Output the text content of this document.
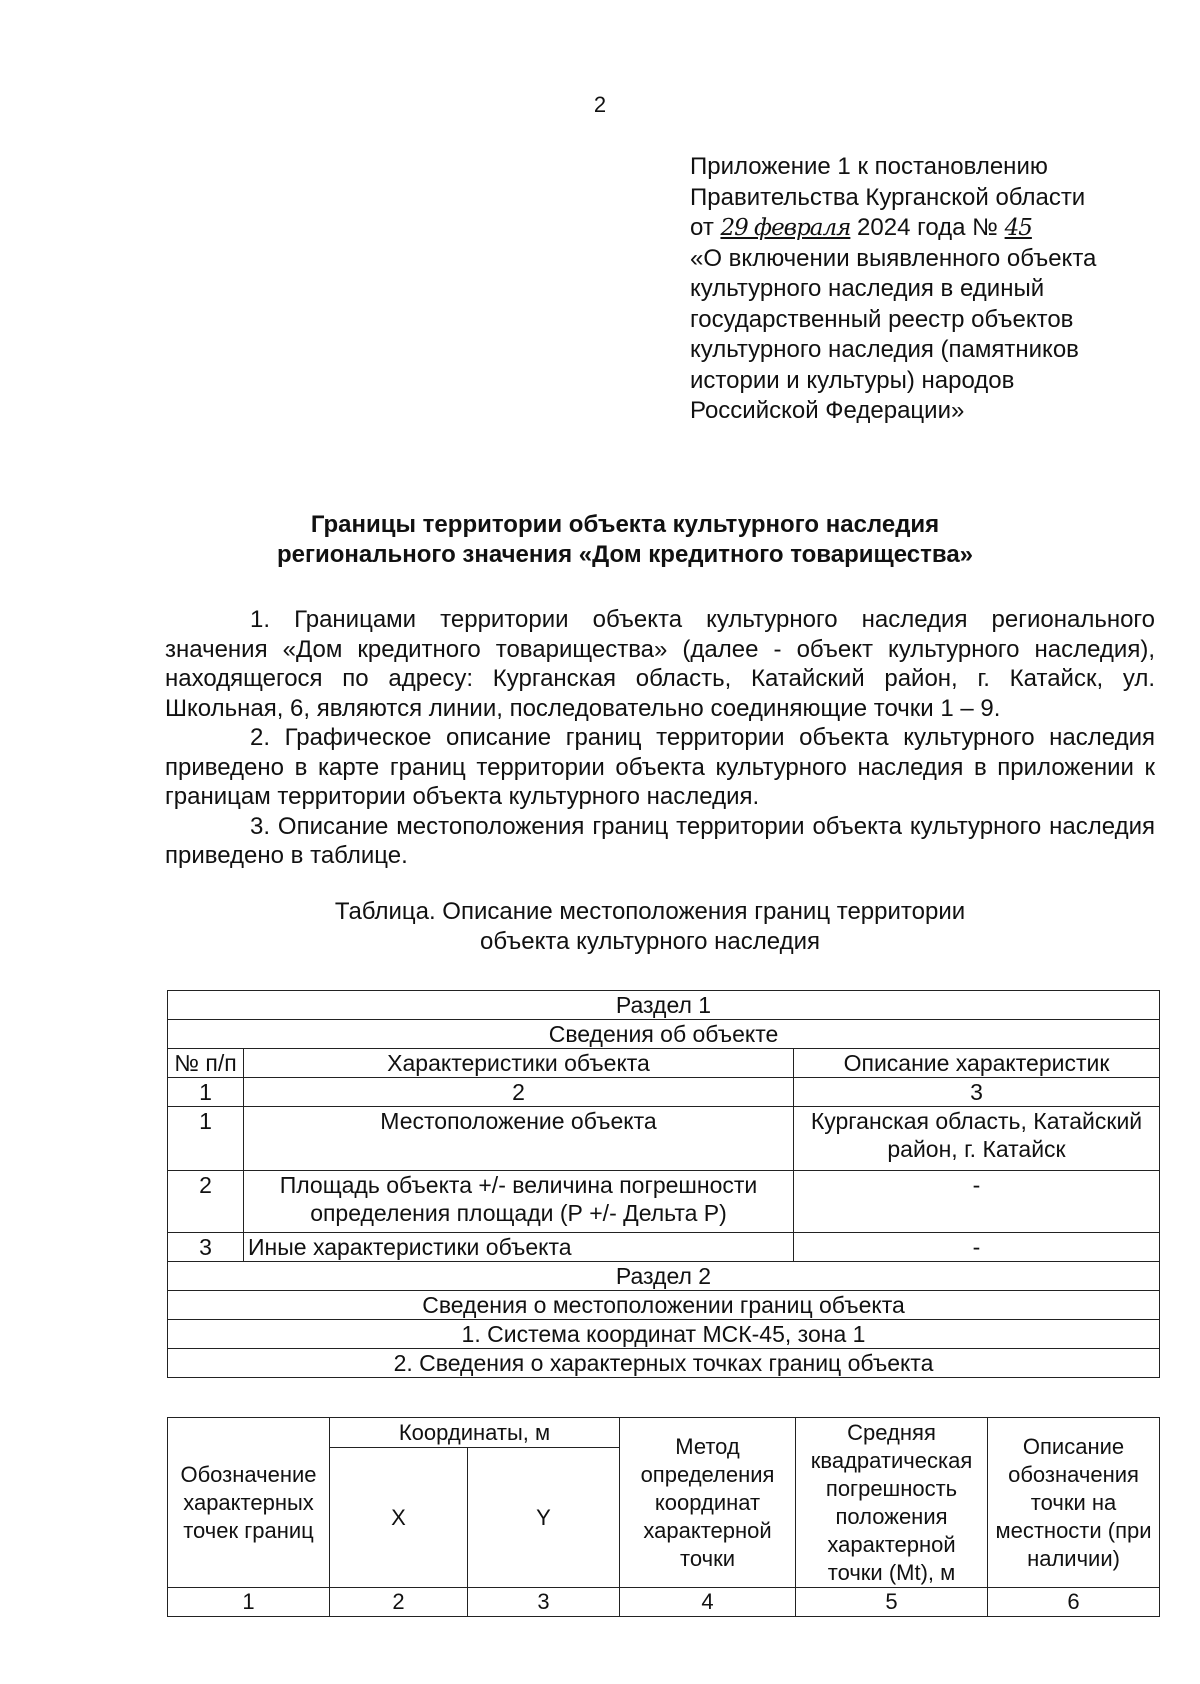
2
Приложение 1 к постановлению
Правительства Курганской области
от 29 февраля 2024 года № 45
«О включении выявленного объекта
культурного наследия в единый
государственный реестр объектов
культурного наследия (памятников
истории и культуры) народов
Российской Федерации»
Границы территории объекта культурного наследия
регионального значения «Дом кредитного товарищества»

1. Границами территории объекта культурного наследия регионального значения «Дом кредитного товарищества» (далее - объект культурного наследия), находящегося по адресу: Курганская область, Катайский район, г. Катайск, ул. Школьная, 6, являются линии, последовательно соединяющие точки 1 – 9.

2. Графическое описание границ территории объекта культурного наследия приведено в карте границ территории объекта культурного наследия в приложении к границам территории объекта культурного наследия.

3. Описание местоположения границ территории объекта культурного наследия приведено в таблице.

Таблица. Описание местоположения границ территории
объекта культурного наследия
Раздел 1		
Сведения об объекте		
№ п/п	Характеристики объекта	Описание характеристик
1	2	3
1	Местоположение объекта	Курганская область, Катайский район, г. Катайск
2	Площадь объекта +/- величина погрешности определения площади (Р +/- Дельта Р)	-
3	Иные характеристики объекта	-
Раздел 2		
Сведения о местоположении границ объекта		
1. Система координат МСК-45, зона 1		
2. Сведения о характерных точках границ объекта		
Обозначение характерных точек границ	Координаты, м		Метод определения координат характерной точки	Средняя квадратическая погрешность положения характерной точки (Mt), м	Описание обозначения точки на местности (при наличии)
	X	Y			
1	2	3	4	5	6
